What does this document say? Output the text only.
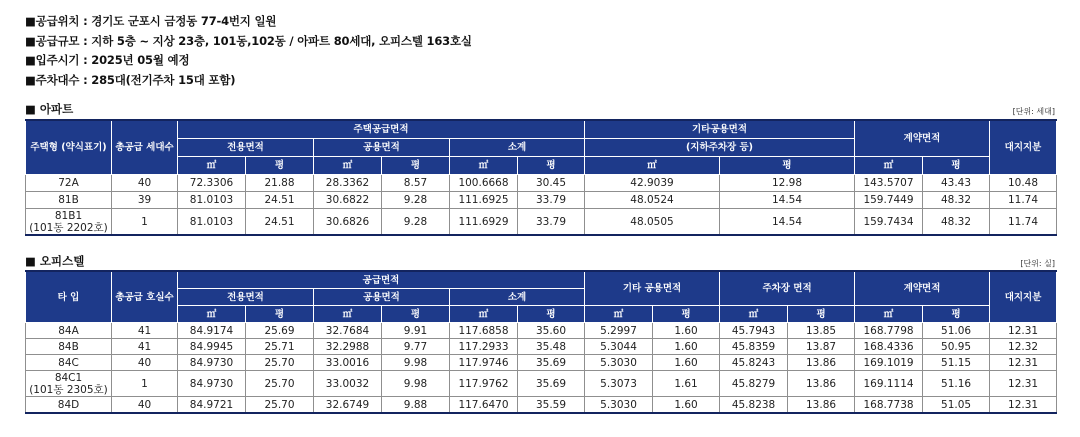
■공급위치 : 경기도 군포시 금정동 77-4번지 일원
■공급규모 : 지하 5층 ~ 지상 23층, 101동,102동 / 아파트 80세대, 오피스텔 163호실
■입주시기 : 2025년 05월 예정
■주차대수 : 285대(전기주차 15대 포함)
■ 아파트	[단위: 세대]
주택형 (약식표기)	총공급 세대수	주택공급면적						기타공용면적		계약면적		대지지분
		전용면적		공용면적		소계		(지하주차장 등)				
		㎡	평	㎡	평	㎡	평	㎡	평	㎡	평	
72A	40	72.3306	21.88	28.3362	8.57	100.6668	30.45	42.9039	12.98	143.5707	43.43	10.48
81B	39	81.0103	24.51	30.6822	9.28	111.6925	33.79	48.0524	14.54	159.7449	48.32	11.74

81B1
(101동 2202호)	1	81.0103	24.51	30.6826	9.28	111.6929	33.79	48.0505	14.54	159.7434	48.32	11.74
■ 오피스텔	[단위: 실]
타 입	총공급 호실수	공급면적						기타 공용면적		주차장 면적		계약면적		대지지분
		전용면적		공용면적		소계								
		㎡	평	㎡	평	㎡	평	㎡	평	㎡	평	㎡	평	
84A	41	84.9174	25.69	32.7684	9.91	117.6858	35.60	5.2997	1.60	45.7943	13.85	168.7798	51.06	12.31
84B	41	84.9945	25.71	32.2988	9.77	117.2933	35.48	5.3044	1.60	45.8359	13.87	168.4336	50.95	12.32
84C	40	84.9730	25.70	33.0016	9.98	117.9746	35.69	5.3030	1.60	45.8243	13.86	169.1019	51.15	12.31

84C1
(101동 2305호)	1	84.9730	25.70	33.0032	9.98	117.9762	35.69	5.3073	1.61	45.8279	13.86	169.1114	51.16	12.31
84D	40	84.9721	25.70	32.6749	9.88	117.6470	35.59	5.3030	1.60	45.8238	13.86	168.7738	51.05	12.31
